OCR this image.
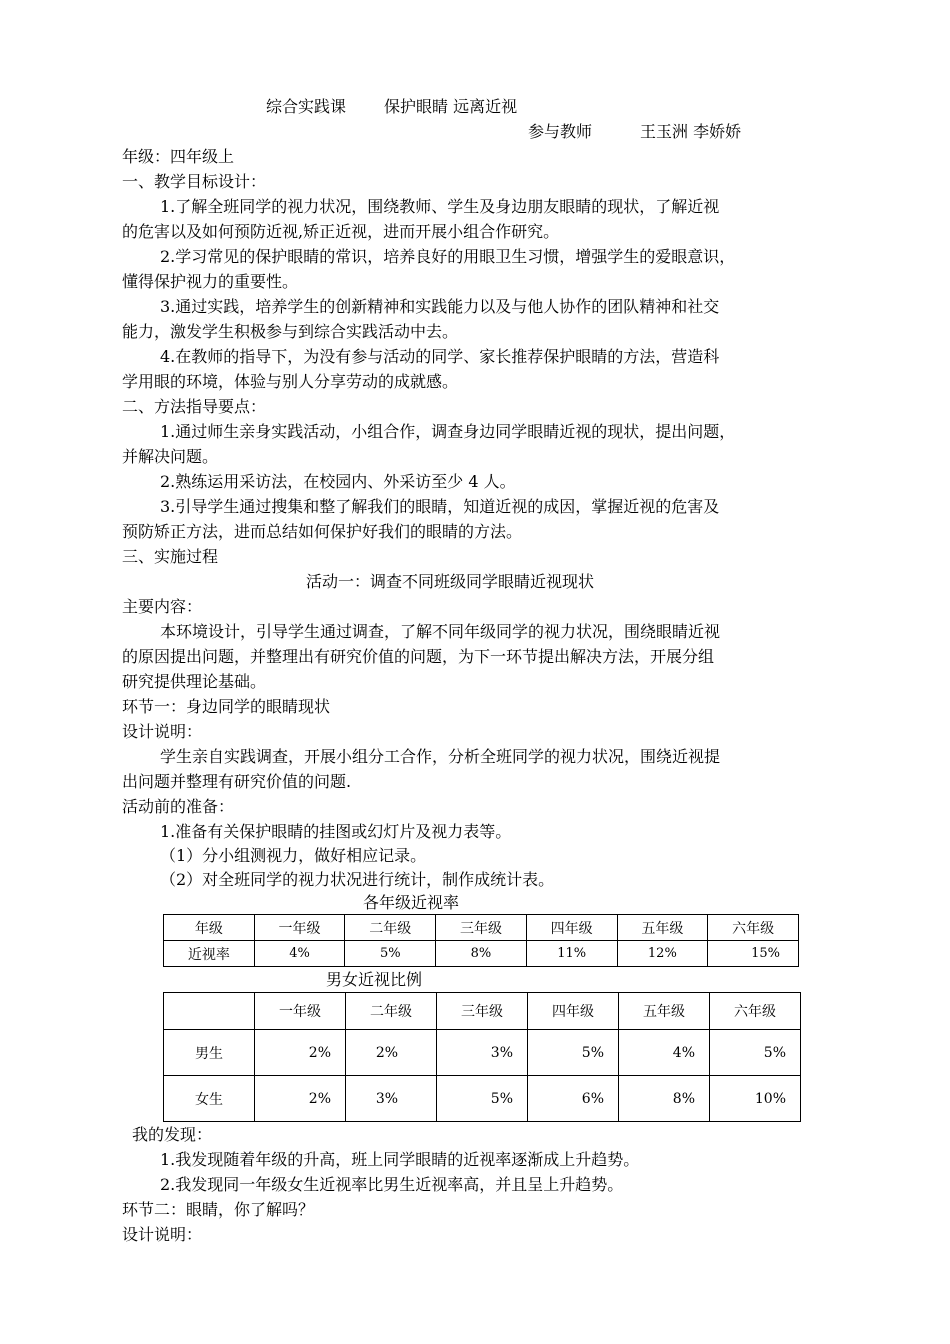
综合实践课 保护眼睛 远离近视
参与教师	王玉洲 李娇娇
年级：四年级上
一、教学目标设计：
1.了解全班同学的视力状况，围绕教师、学生及身边朋友眼睛的现状，了解近视
的危害以及如何预防近视,矫正近视，进而开展小组合作研究。
2.学习常见的保护眼睛的常识，培养良好的用眼卫生习惯，增强学生的爱眼意识，
懂得保护视力的重要性。
3.通过实践，培养学生的创新精神和实践能力以及与他人协作的团队精神和社交
能力，激发学生积极参与到综合实践活动中去。
4.在教师的指导下，为没有参与活动的同学、家长推荐保护眼睛的方法，营造科
学用眼的环境，体验与别人分享劳动的成就感。
二、方法指导要点：
1.通过师生亲身实践活动，小组合作，调查身边同学眼睛近视的现状，提出问题，
并解决问题。
2.熟练运用采访法，在校园内、外采访至少 4 人。
3.引导学生通过搜集和整了解我们的眼睛，知道近视的成因，掌握近视的危害及
预防矫正方法，进而总结如何保护好我们的眼睛的方法。
三、实施过程
活动一：调查不同班级同学眼睛近视现状
主要内容：
本环境设计，引导学生通过调查，了解不同年级同学的视力状况，围绕眼睛近视
的原因提出问题，并整理出有研究价值的问题，为下一环节提出解决方法，开展分组
研究提供理论基础。
环节一：身边同学的眼睛现状
设计说明：
学生亲自实践调查，开展小组分工合作，分析全班同学的视力状况，围绕近视提
出问题并整理有研究价值的问题.
活动前的准备：
1.准备有关保护眼睛的挂图或幻灯片及视力表等。
（1）分小组测视力，做好相应记录。
（2）对全班同学的视力状况进行统计，制作成统计表。
各年级近视率
年级	一年级	二年级	三年级	四年级	五年级	六年级
近视率	4%	5%	8%	11%	12%	15%
男女近视比例
	一年级	二年级	三年级	四年级	五年级	六年级
男生	2%	2%	3%	5%	4%	5%
女生	2%	3%	5%	6%	8%	10%
我的发现：
1.我发现随着年级的升高，班上同学眼睛的近视率逐渐成上升趋势。
2.我发现同一年级女生近视率比男生近视率高，并且呈上升趋势。
环节二：眼睛，你了解吗？
设计说明：
